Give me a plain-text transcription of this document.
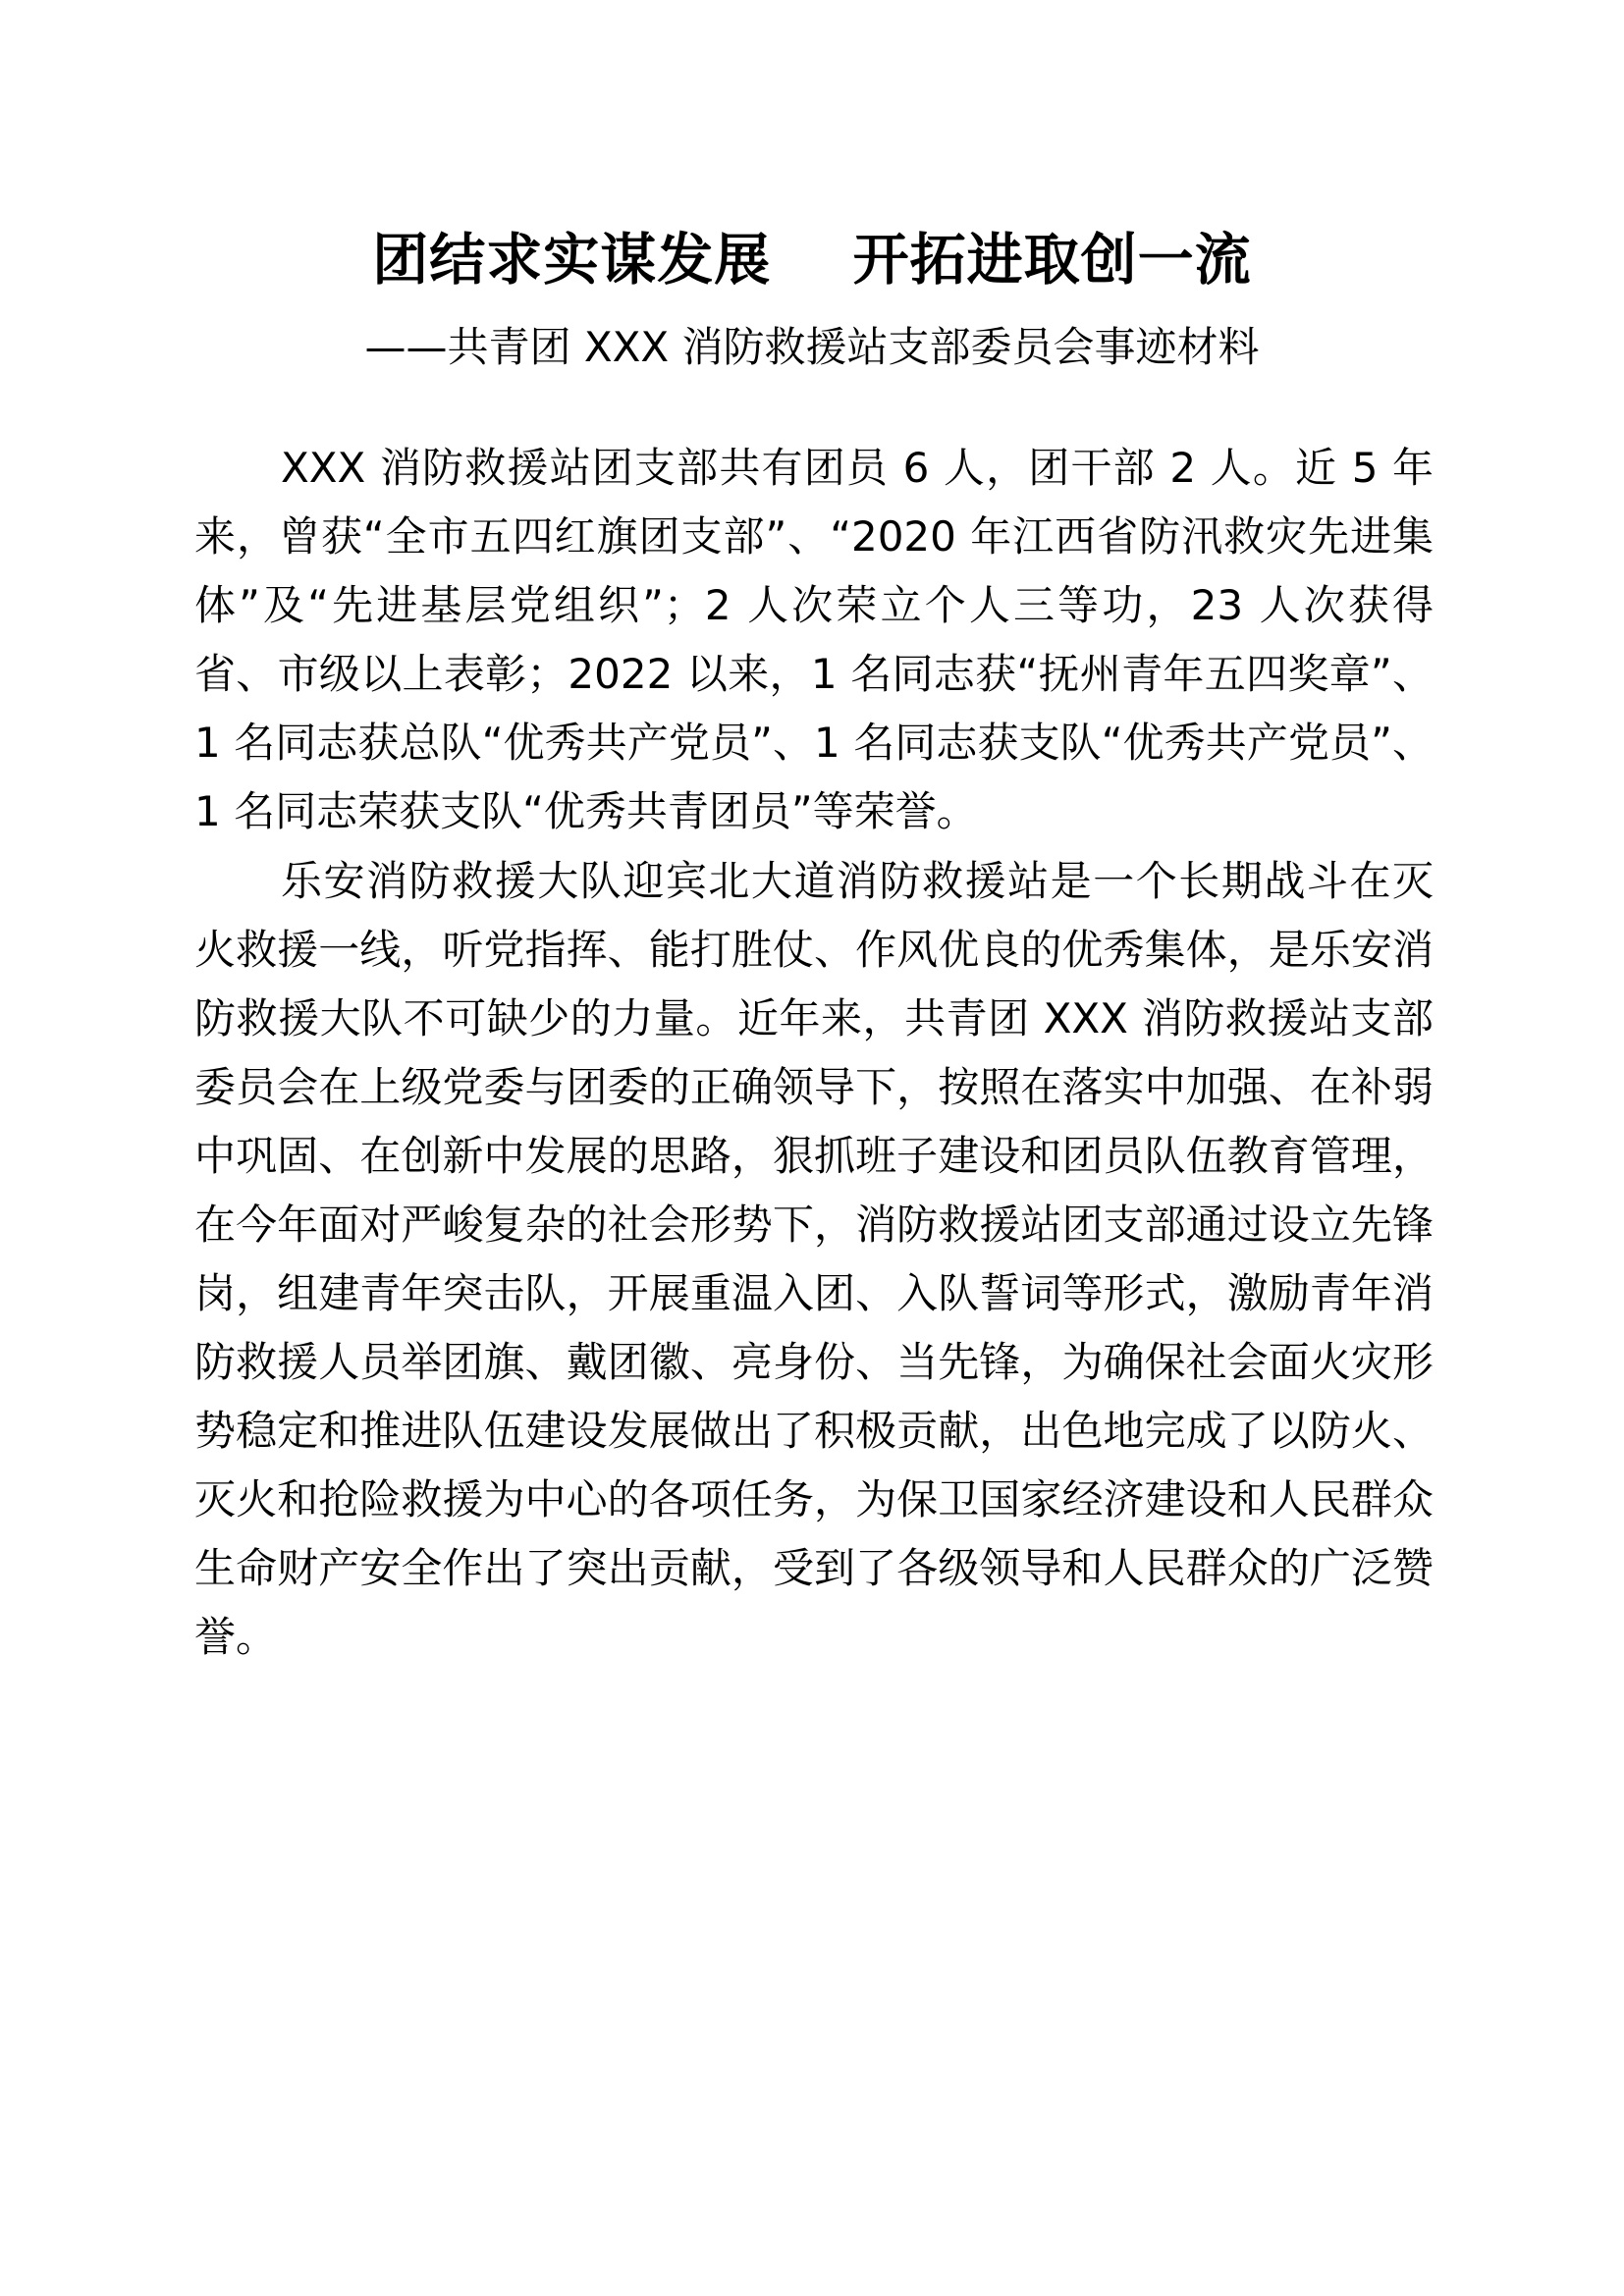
团结求实谋发展    开拓进取创一流
——共青团 XXX 消防救援站支部委员会事迹材料

XXX 消防救援站团支部共有团员 6 人，团干部 2 人。近 5 年来，曾获“全市五四红旗团支部”、“2020 年江西省防汛救灾先进集体”及“先进基层党组织”；2 人次荣立个人三等功，23 人次获得省、市级以上表彰；2022 以来，1 名同志获“抚州青年五四奖章”、1 名同志获总队“优秀共产党员”、1 名同志获支队“优秀共产党员”、1 名同志荣获支队“优秀共青团员”等荣誉。

乐安消防救援大队迎宾北大道消防救援站是一个长期战斗在灭火救援一线，听党指挥、能打胜仗、作风优良的优秀集体，是乐安消防救援大队不可缺少的力量。近年来，共青团 XXX 消防救援站支部委员会在上级党委与团委的正确领导下，按照在落实中加强、在补弱中巩固、在创新中发展的思路，狠抓班子建设和团员队伍教育管理，在今年面对严峻复杂的社会形势下，消防救援站团支部通过设立先锋岗，组建青年突击队，开展重温入团、入队誓词等形式，激励青年消防救援人员举团旗、戴团徽、亮身份、当先锋，为确保社会面火灾形势稳定和推进队伍建设发展做出了积极贡献，出色地完成了以防火、灭火和抢险救援为中心的各项任务，为保卫国家经济建设和人民群众生命财产安全作出了突出贡献，受到了各级领导和人民群众的广泛赞誉。
